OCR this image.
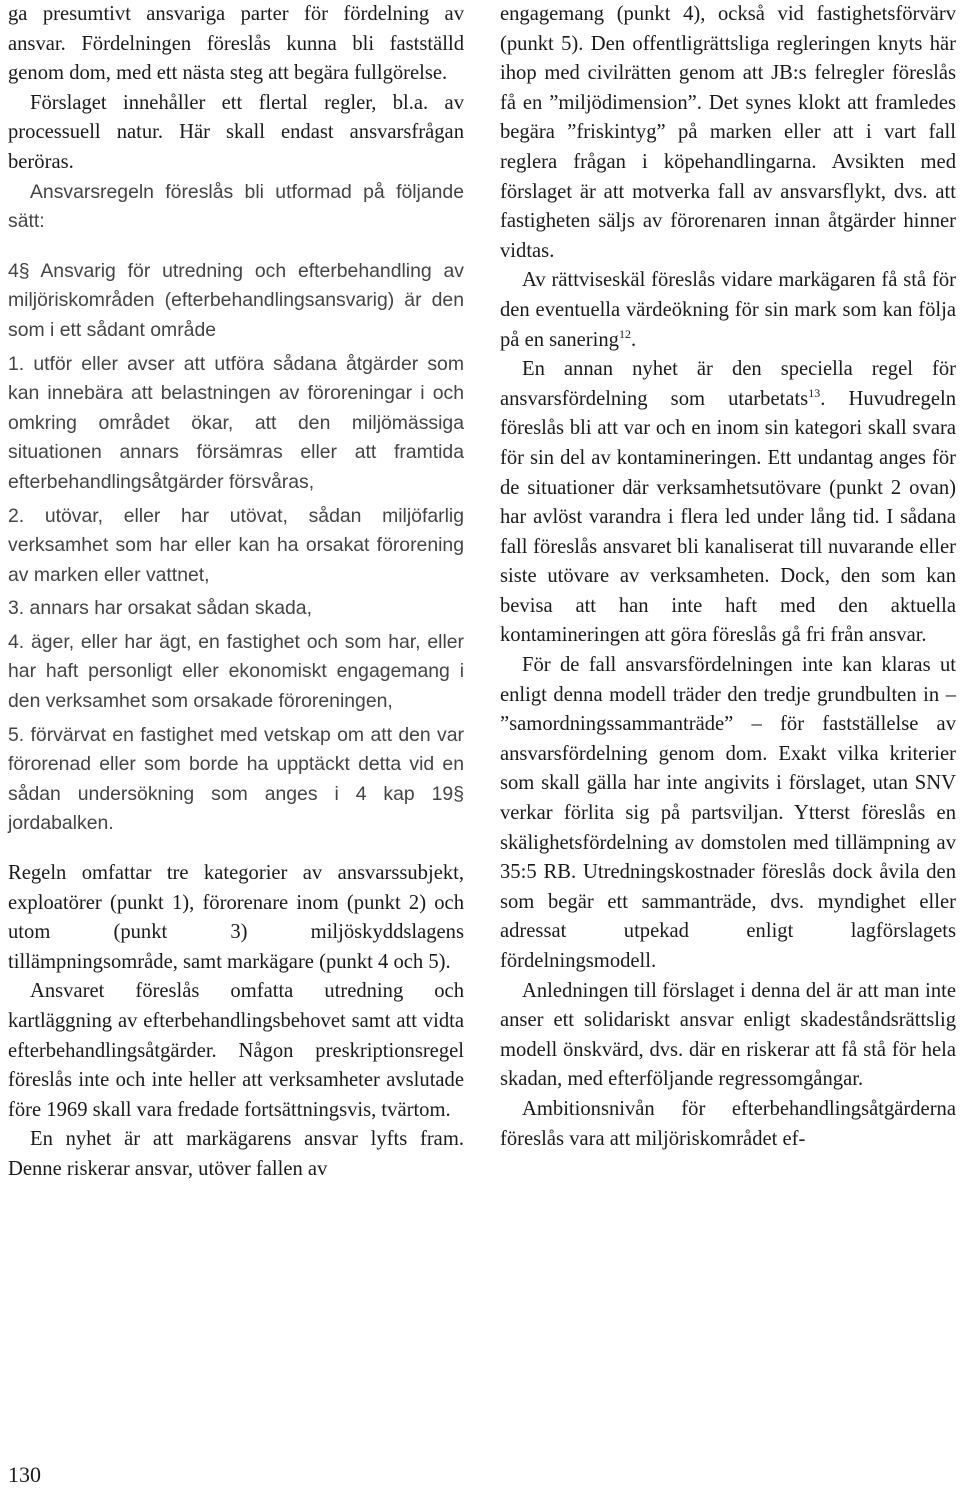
ga presumtivt ansvariga parter för fördelning av ansvar. Fördelningen föreslås kunna bli fastställd genom dom, med ett nästa steg att begära fullgörelse.

Förslaget innehåller ett flertal regler, bl.a. av processuell natur. Här skall endast ansvarsfrågan beröras.

Ansvarsregeln föreslås bli utformad på följande sätt:

4§ Ansvarig för utredning och efterbehandling av miljöriskområden (efterbehandlingsansvarig) är den som i ett sådant område

1. utför eller avser att utföra sådana åtgärder som kan innebära att belastningen av föroreningar i och omkring området ökar, att den miljömässiga situationen annars försämras eller att framtida efterbehandlingsåtgärder försvåras,

2. utövar, eller har utövat, sådan miljöfarlig verksamhet som har eller kan ha orsakat förorening av marken eller vattnet,

3. annars har orsakat sådan skada,

4. äger, eller har ägt, en fastighet och som har, eller har haft personligt eller ekonomiskt engagemang i den verksamhet som orsakade föroreningen,

5. förvärvat en fastighet med vetskap om att den var förorenad eller som borde ha upptäckt detta vid en sådan undersökning som anges i 4 kap 19§ jordabalken.

Regeln omfattar tre kategorier av ansvarssubjekt, exploatörer (punkt 1), förorenare inom (punkt 2) och utom (punkt 3) miljöskyddslagens tillämpningsområde, samt markägare (punkt 4 och 5).

Ansvaret föreslås omfatta utredning och kartläggning av efterbehandlingsbehovet samt att vidta efterbehandlingsåtgärder. Någon preskriptionsregel föreslås inte och inte heller att verksamheter avslutade före 1969 skall vara fredade fortsättningsvis, tvärtom.

En nyhet är att markägarens ansvar lyfts fram. Denne riskerar ansvar, utöver fallen av

engagemang (punkt 4), också vid fastighetsförvärv (punkt 5). Den offentligrättsliga regleringen knyts här ihop med civilrätten genom att JB:s felregler föreslås få en ”miljödimension”. Det synes klokt att framledes begära ”friskintyg” på marken eller att i vart fall reglera frågan i köpehandlingarna. Avsikten med förslaget är att motverka fall av ansvarsflykt, dvs. att fastigheten säljs av förorenaren innan åtgärder hinner vidtas.

Av rättviseskäl föreslås vidare markägaren få stå för den eventuella värdeökning för sin mark som kan följa på en sanering$^{12}$.

En annan nyhet är den speciella regel för ansvarsfördelning som utarbetats$^{13}$. Huvudregeln föreslås bli att var och en inom sin kategori skall svara för sin del av kontamineringen. Ett undantag anges för de situationer där verksamhetsutövare (punkt 2 ovan) har avlöst varandra i flera led under lång tid. I sådana fall föreslås ansvaret bli kanaliserat till nuvarande eller siste utövare av verksamheten. Dock, den som kan bevisa att han inte haft med den aktuella kontamineringen att göra föreslås gå fri från ansvar.

För de fall ansvarsfördelningen inte kan klaras ut enligt denna modell träder den tredje grundbulten in – ”samordningssammanträde” – för fastställelse av ansvarsfördelning genom dom. Exakt vilka kriterier som skall gälla har inte angivits i förslaget, utan SNV verkar förlita sig på partsviljan. Ytterst föreslås en skälighetsfördelning av domstolen med tillämpning av 35:5 RB. Utredningskostnader föreslås dock åvila den som begär ett sammanträde, dvs. myndighet eller adressat utpekad enligt lagförslagets fördelningsmodell.

Anledningen till förslaget i denna del är att man inte anser ett solidariskt ansvar enligt skadeståndsrättslig modell önskvärd, dvs. där en riskerar att få stå för hela skadan, med efterföljande regressomgångar.

Ambitionsnivån för efterbehandlingsåtgärderna föreslås vara att miljöriskområdet ef-

130
